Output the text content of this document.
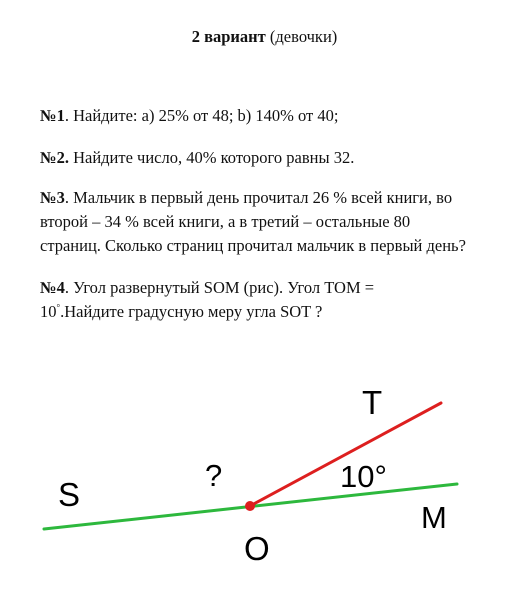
2 вариант (девочки)
№1. Найдите: а) 25% от 48; b) 140% от 40;
№2. Найдите число, 40% которого равны 32.
№3. Мальчик в первый день прочитал 26 % всей книги, во
второй – 34 % всей книги, а в третий – остальные 80
страниц. Сколько страниц прочитал мальчик в первый день?
№4. Угол развернутый SOM (рис). Угол TOM =
10°.Найдите градусную меру угла SOT ?
S
O
M
T
?	10°
